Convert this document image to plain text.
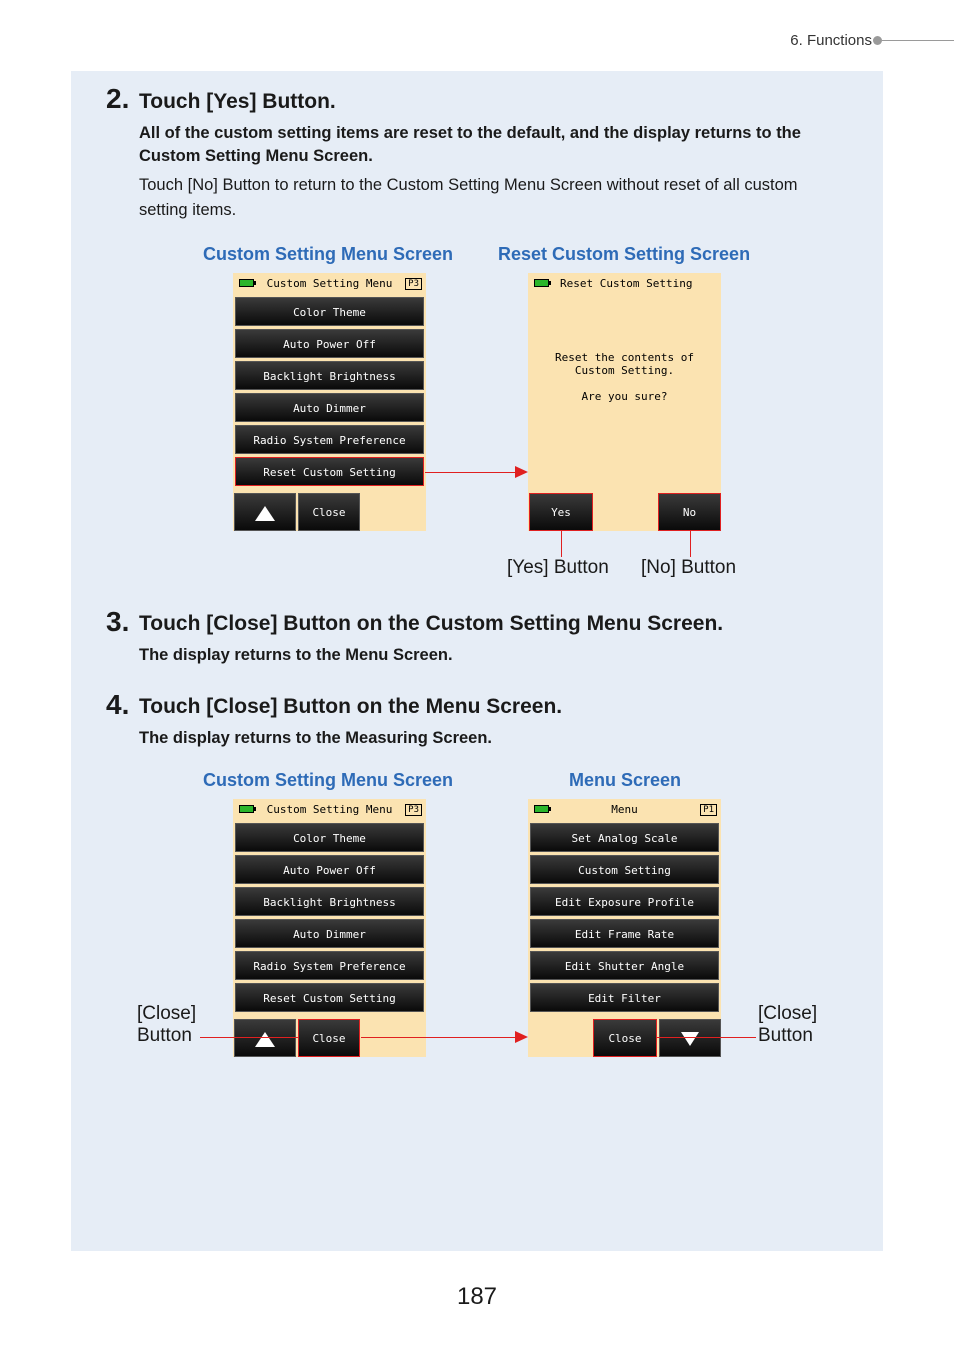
6. Functions
2. Touch [Yes] Button.
All of the custom setting items are reset to the default, and the display returns to the Custom Setting Menu Screen.
Touch [No] Button to return to the Custom Setting Menu Screen without reset of all custom setting items.
Custom Setting Menu Screen Reset Custom Setting Screen
Custom Setting Menu	P3
Color Theme
Auto Power Off
Backlight Brightness
Auto Dimmer
Radio System Preference
Reset Custom Setting
Close
Reset Custom Setting
Reset the contents of
Custom Setting.
Are you sure?
Yes	No
[Yes] Button [No] Button
3. Touch [Close] Button on the Custom Setting Menu Screen.
The display returns to the Menu Screen.
4. Touch [Close] Button on the Menu Screen.
The display returns to the Measuring Screen.
Custom Setting Menu Screen	Menu Screen
Custom Setting Menu	P3
Color Theme
Auto Power Off
Backlight Brightness
Auto Dimmer
Radio System Preference
Reset Custom Setting
Close
Menu	P1
Set Analog Scale
Custom Setting
Edit Exposure Profile
Edit Frame Rate
Edit Shutter Angle
Edit Filter
Close
[Close]
Button
[Close]
Button
187
